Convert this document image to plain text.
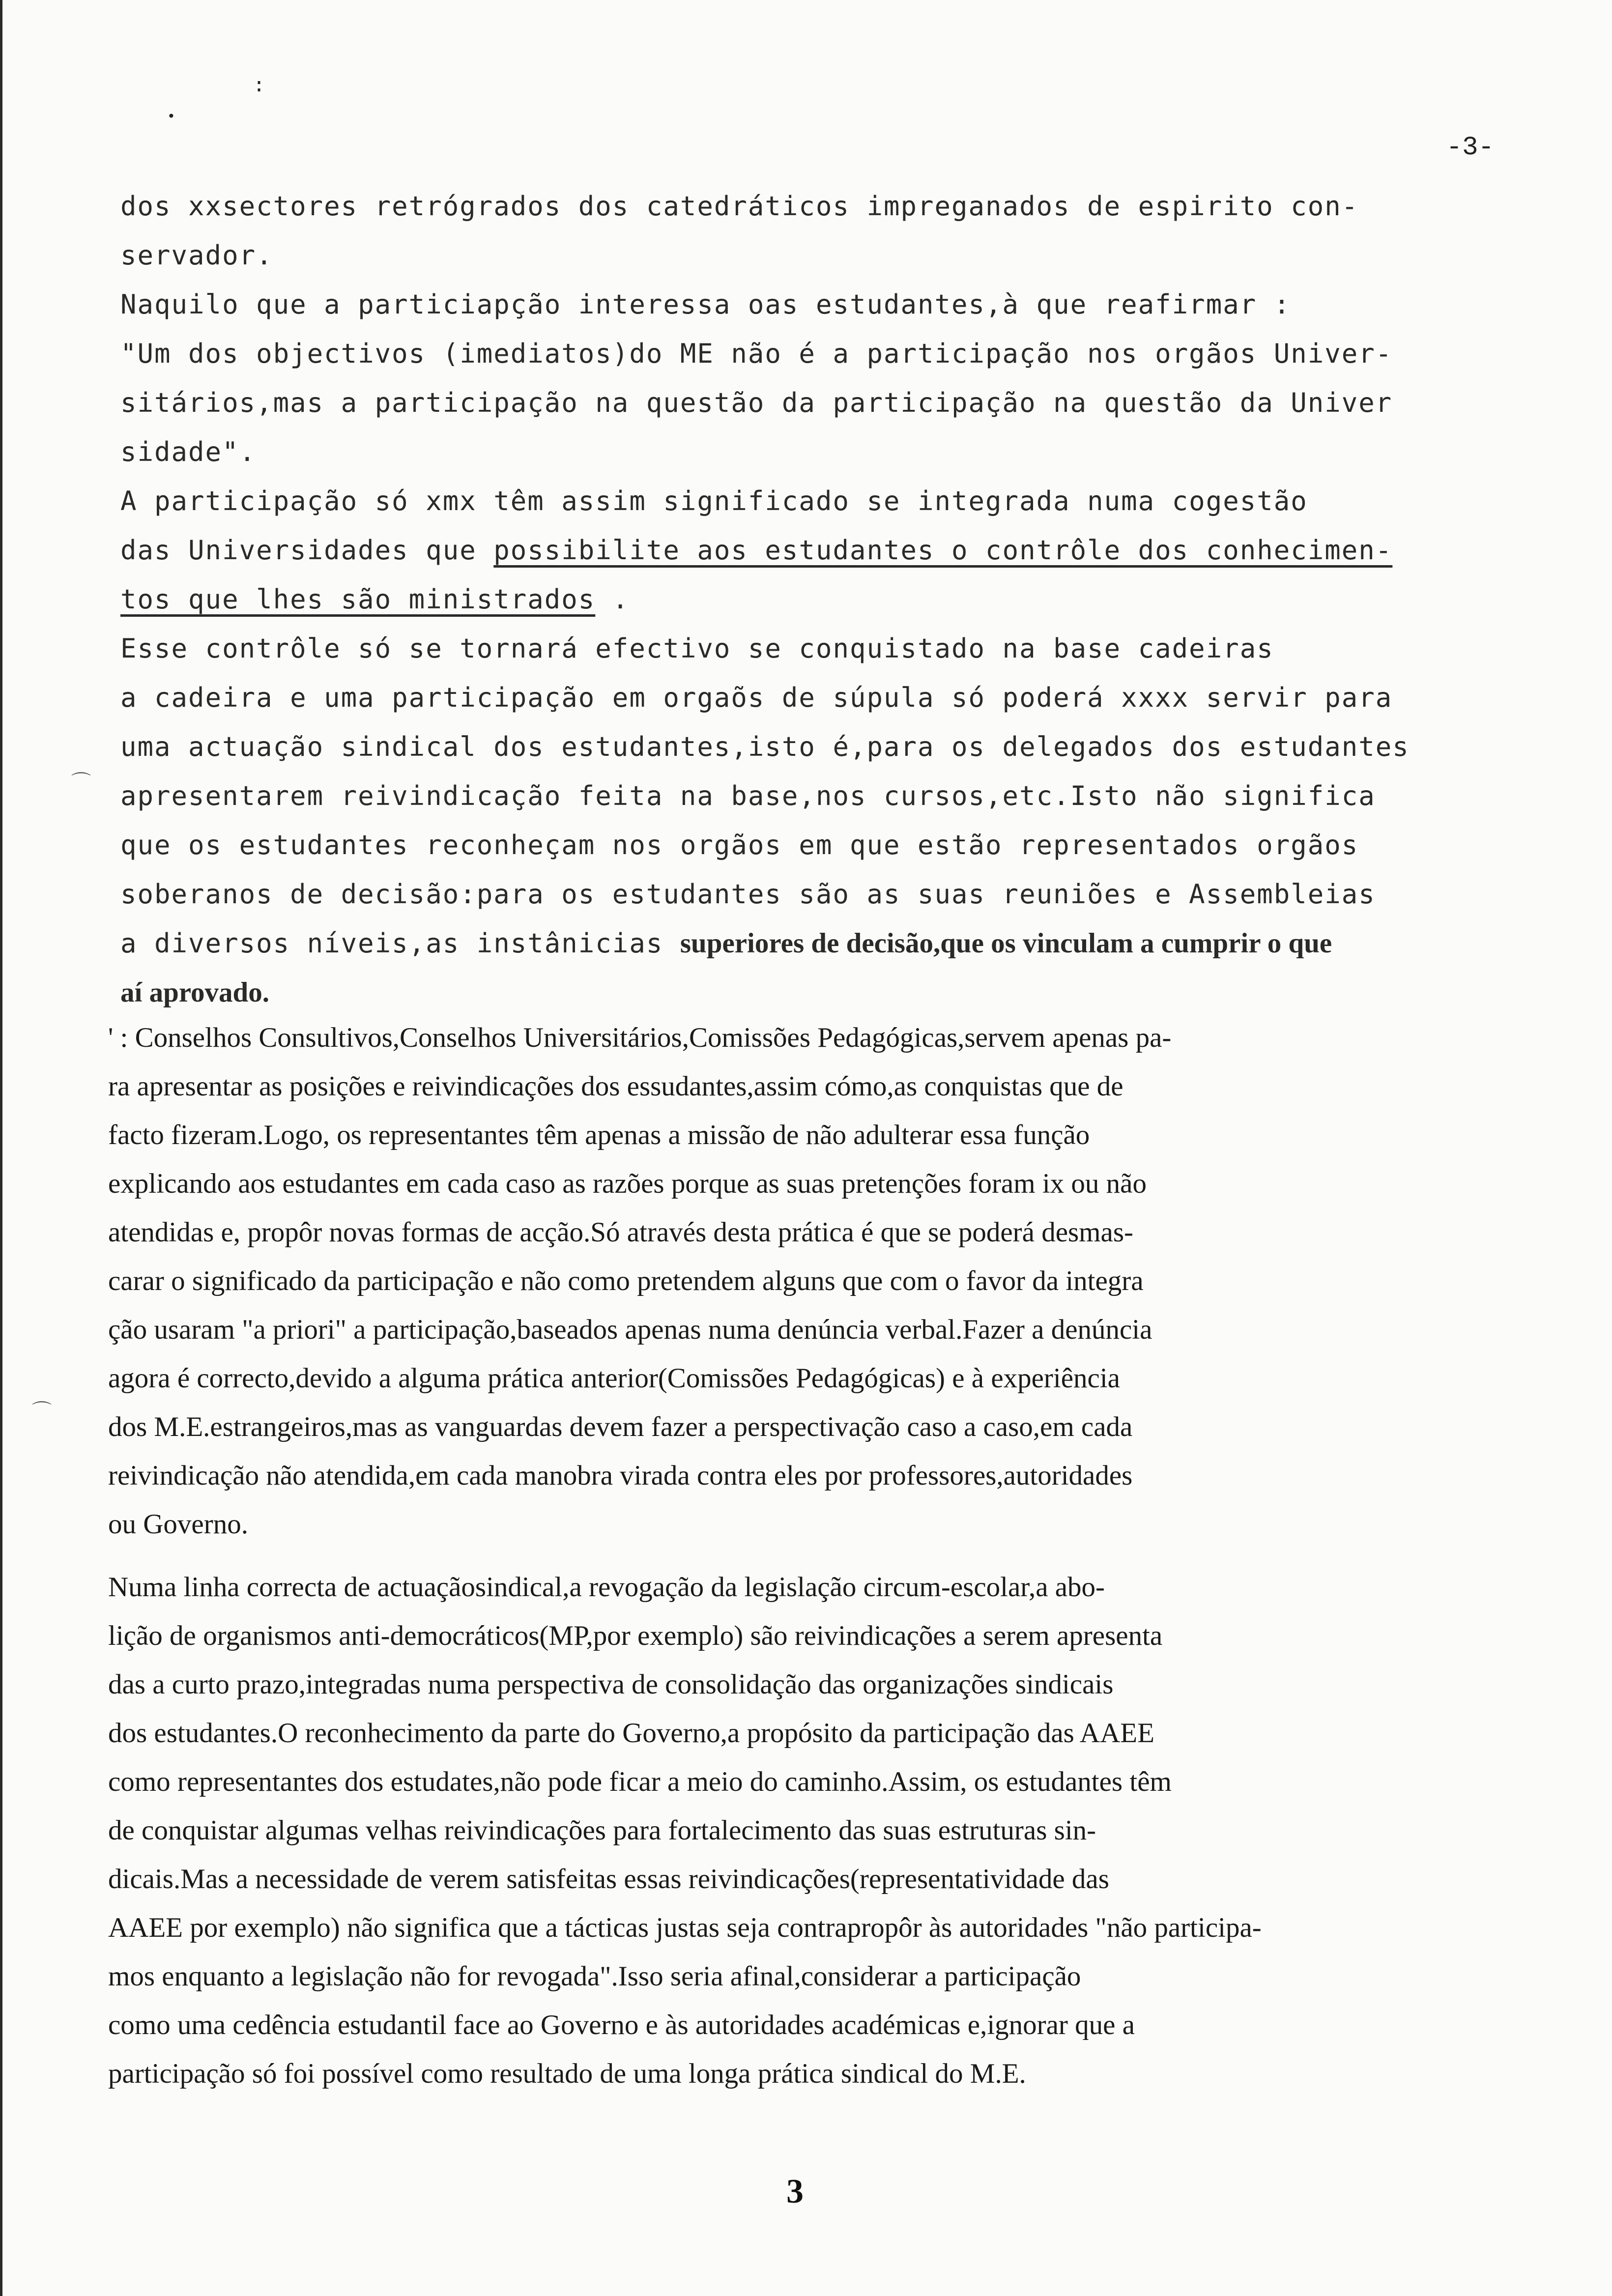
:
•
-3-
dos xxsectores retrógrados dos catedráticos impreganados de espirito con-
servador.
Naquilo que a particiapção interessa oas estudantes,à que reafirmar :
"Um dos objectivos (imediatos)do ME não é a participação nos orgãos Univer-
sitários,mas a participação na questão da participação na questão da Univer
sidade".
A participação só xmx têm assim significado se integrada numa cogestão
das Universidades que possibilite aos estudantes o contrôle dos conhecimen-
tos que lhes são ministrados .
Esse contrôle só se tornará efectivo se conquistado na base cadeiras
a cadeira e uma participação em orgaõs de súpula só poderá xxxx servir para
uma actuação sindical dos estudantes,isto é,para os delegados dos estudantes
apresentarem reivindicação feita na base,nos cursos,etc.Isto não significa
que os estudantes reconheçam nos orgãos em que estão representados orgãos
soberanos de decisão:para os estudantes são as suas reuniões e Assembleias
a diversos níveis,as instânicias superiores de decisão,que os vinculam a cumprir o que
aí aprovado.
⌒
⌒
' : Conselhos Consultivos,Conselhos Universitários,Comissões Pedagógicas,servem apenas pa-
ra apresentar as posições e reivindicações dos essudantes,assim cómo,as conquistas que de
facto fizeram.Logo, os representantes têm apenas a missão de não adulterar essa função
explicando aos estudantes em cada caso as razões porque as suas pretenções foram ix ou não
atendidas e, propôr novas formas de acção.Só através desta prática é que se poderá desmas-
carar o significado da participação e não como pretendem alguns que com o favor da integra
ção usaram "a priori" a participação,baseados apenas numa denúncia verbal.Fazer a denúncia
agora é correcto,devido a alguma prática anterior(Comissões Pedagógicas) e à experiência
dos M.E.estrangeiros,mas as vanguardas devem fazer a perspectivação caso a caso,em cada
reivindicação não atendida,em cada manobra virada contra eles por professores,autoridades
ou Governo.
Numa linha correcta de actuaçãosindical,a revogação da legislação circum-escolar,a abo-
lição de organismos anti-democráticos(MP,por exemplo) são reivindicações a serem apresenta
das a curto prazo,integradas numa perspectiva de consolidação das organizações sindicais
dos estudantes.O reconhecimento da parte do Governo,a propósito da participação das AAEE
como representantes dos estudates,não pode ficar a meio do caminho.Assim, os estudantes têm
de conquistar algumas velhas reivindicações para fortalecimento das suas estruturas sin-
dicais.Mas a necessidade de verem satisfeitas essas reivindicações(representatividade das
AAEE por exemplo) não significa que a tácticas justas seja contrapropôr às autoridades "não participa-
mos enquanto a legislação não for revogada".Isso seria afinal,considerar a participação
como uma cedência estudantil face ao Governo e às autoridades académicas e,ignorar que a
participação só foi possível como resultado de uma longa prática sindical do M.E.
3
